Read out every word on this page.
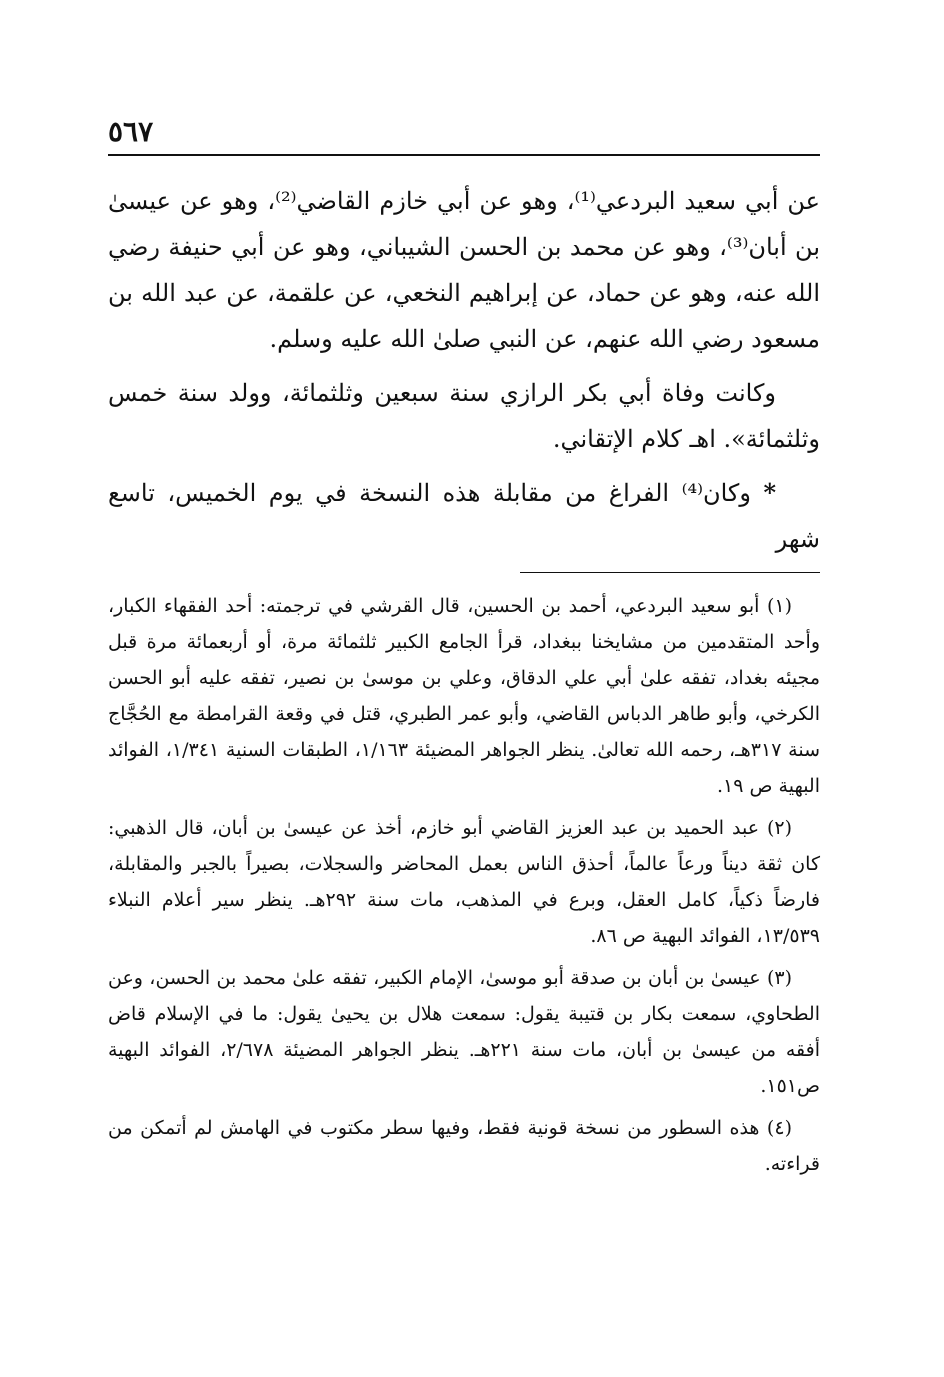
٥٦٧

عن أبي سعيد البردعي⁽¹⁾، وهو عن أبي خازم القاضي⁽²⁾، وهو عن عيسىٰ بن أبان⁽³⁾، وهو عن محمد بن الحسن الشيباني، وهو عن أبي حنيفة رضي الله عنه، وهو عن حماد، عن إبراهيم النخعي، عن علقمة، عن عبد الله بن مسعود رضي الله عنهم، عن النبي صلىٰ الله عليه وسلم.

وكانت وفاة أبي بكر الرازي سنة سبعين وثلثمائة، وولد سنة خمس وثلثمائة». اهـ كلام الإتقاني.

* وكان⁽⁴⁾ الفراغ من مقابلة هذه النسخة في يوم الخميس، تاسع شهر

(١) أبو سعيد البردعي، أحمد بن الحسين، قال القرشي في ترجمته: أحد الفقهاء الكبار، وأحد المتقدمين من مشايخنا ببغداد، قرأ الجامع الكبير ثلثمائة مرة، أو أربعمائة مرة قبل مجيئه بغداد، تفقه علىٰ أبي علي الدقاق، وعلي بن موسىٰ بن نصير، تفقه عليه أبو الحسن الكرخي، وأبو طاهر الدباس القاضي، وأبو عمر الطبري، قتل في وقعة القرامطة مع الحُجَّاج سنة ٣١٧هـ، رحمه الله تعالىٰ. ينظر الجواهر المضيئة ١/١٦٣، الطبقات السنية ١/٣٤١، الفوائد البهية ص ١٩.

(٢) عبد الحميد بن عبد العزيز القاضي أبو خازم، أخذ عن عيسىٰ بن أبان، قال الذهبي: كان ثقة ديناً ورعاً عالماً، أحذق الناس بعمل المحاضر والسجلات، بصيراً بالجبر والمقابلة، فارضاً ذكياً، كامل العقل، وبرع في المذهب، مات سنة ٢٩٢هـ. ينظر سير أعلام النبلاء ١٣/٥٣٩، الفوائد البهية ص ٨٦.

(٣) عيسىٰ بن أبان بن صدقة أبو موسىٰ، الإمام الكبير، تفقه علىٰ محمد بن الحسن، وعن الطحاوي، سمعت بكار بن قتيبة يقول: سمعت هلال بن يحيىٰ يقول: ما في الإسلام قاض أفقه من عيسىٰ بن أبان، مات سنة ٢٢١هـ. ينظر الجواهر المضيئة ٢/٦٧٨، الفوائد البهية ص١٥١.

(٤) هذه السطور من نسخة قونية فقط، وفيها سطر مكتوب في الهامش لم أتمكن من قراءته.
